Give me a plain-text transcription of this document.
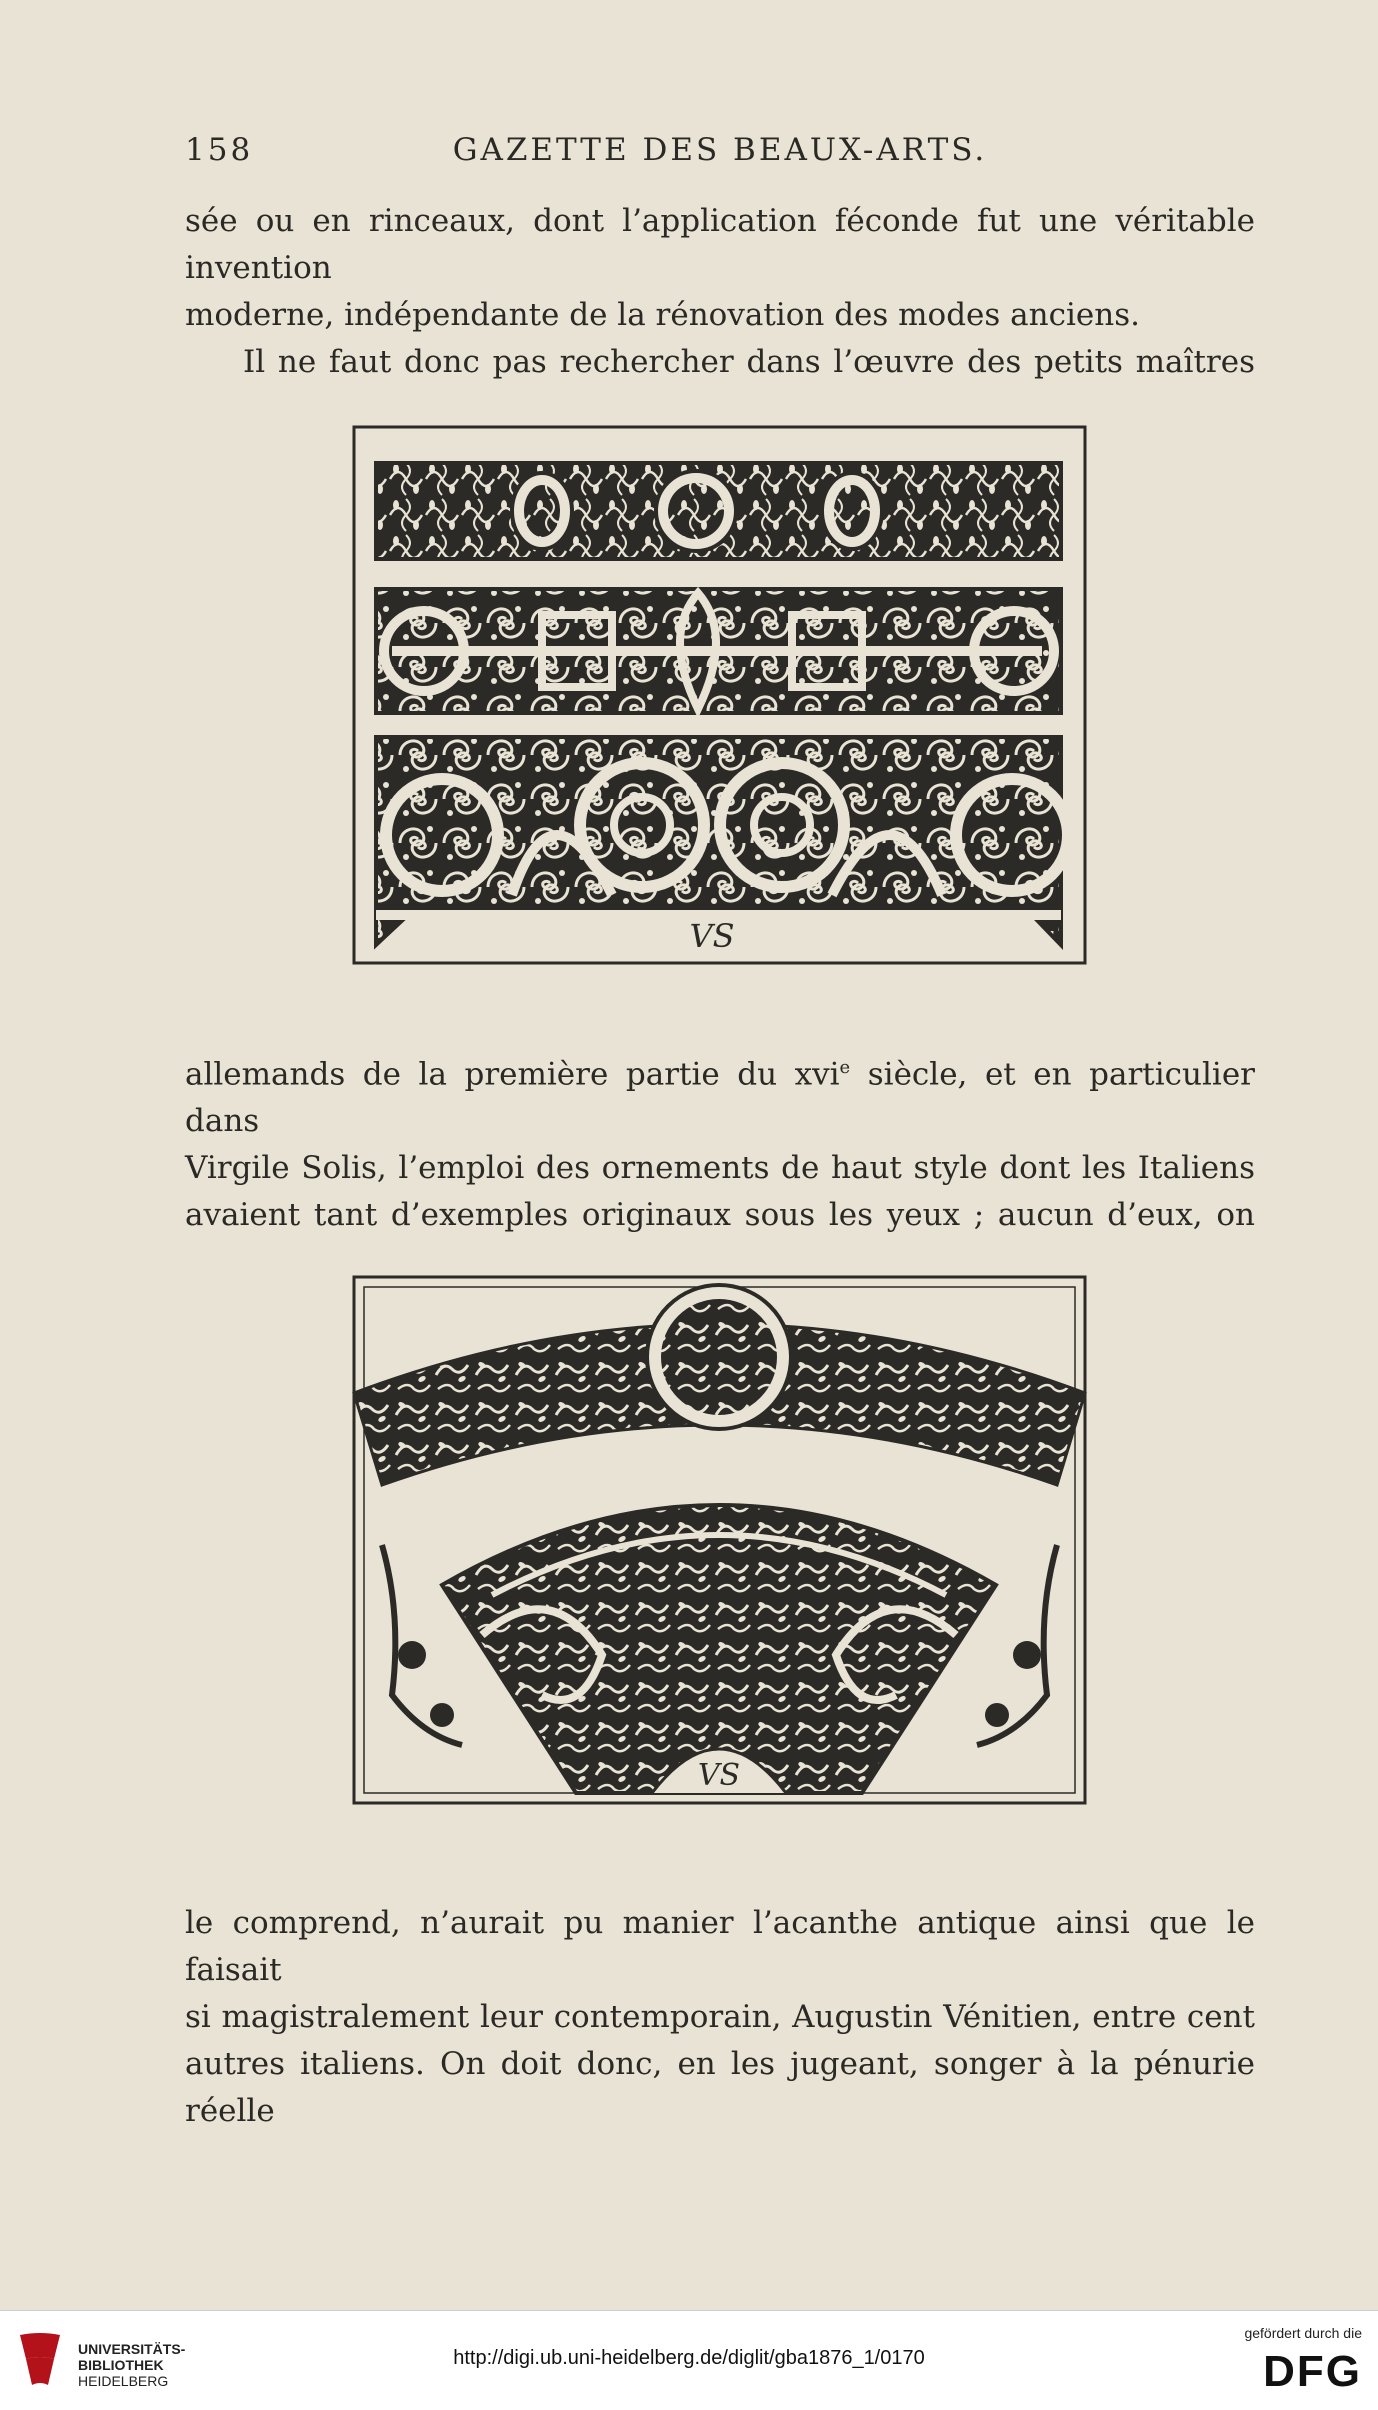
158	GAZETTE DES BEAUX-ARTS.

sée ou en rinceaux, dont l’application féconde fut une véritable invention

moderne, indépendante de la rénovation des modes anciens.

Il ne faut donc pas rechercher dans l’œuvre des petits maîtres

VS

allemands de la première partie du xvi$^e$ siècle, et en particulier dans

Virgile Solis, l’emploi des ornements de haut style dont les Italiens

avaient tant d’exemples originaux sous les yeux ; aucun d’eux, on

VS

le comprend, n’aurait pu manier l’acanthe antique ainsi que le faisait

si magistralement leur contemporain, Augustin Vénitien, entre cent

autres italiens. On doit donc, en les jugeant, songer à la pénurie réelle

UNIVERSITÄTS-
BIBLIOTHEK
HEIDELBERG
http://digi.ub.uni-heidelberg.de/diglit/gba1876_1/0170
gefördert durch die
DFG
